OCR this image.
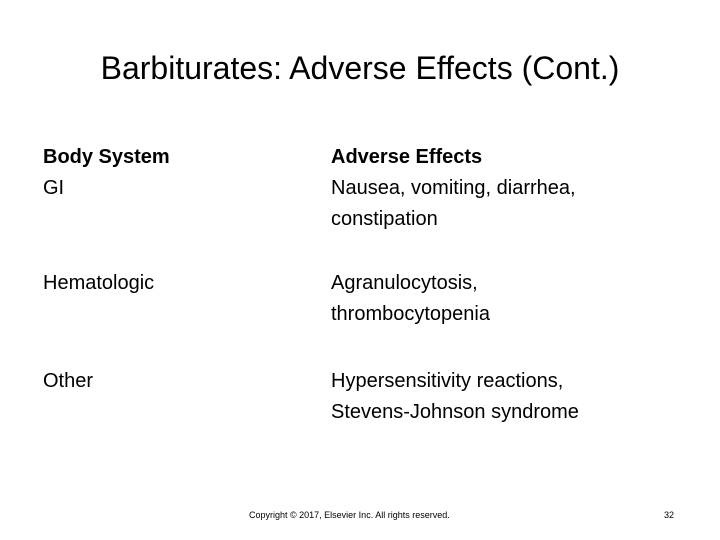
Barbiturates: Adverse Effects (Cont.)
Body System	Adverse Effects
GI	Nausea, vomiting, diarrhea,
constipation
Hematologic	Agranulocytosis,
thrombocytopenia
Other	Hypersensitivity reactions,
Stevens-Johnson syndrome
Copyright © 2017, Elsevier Inc. All rights reserved.	32
